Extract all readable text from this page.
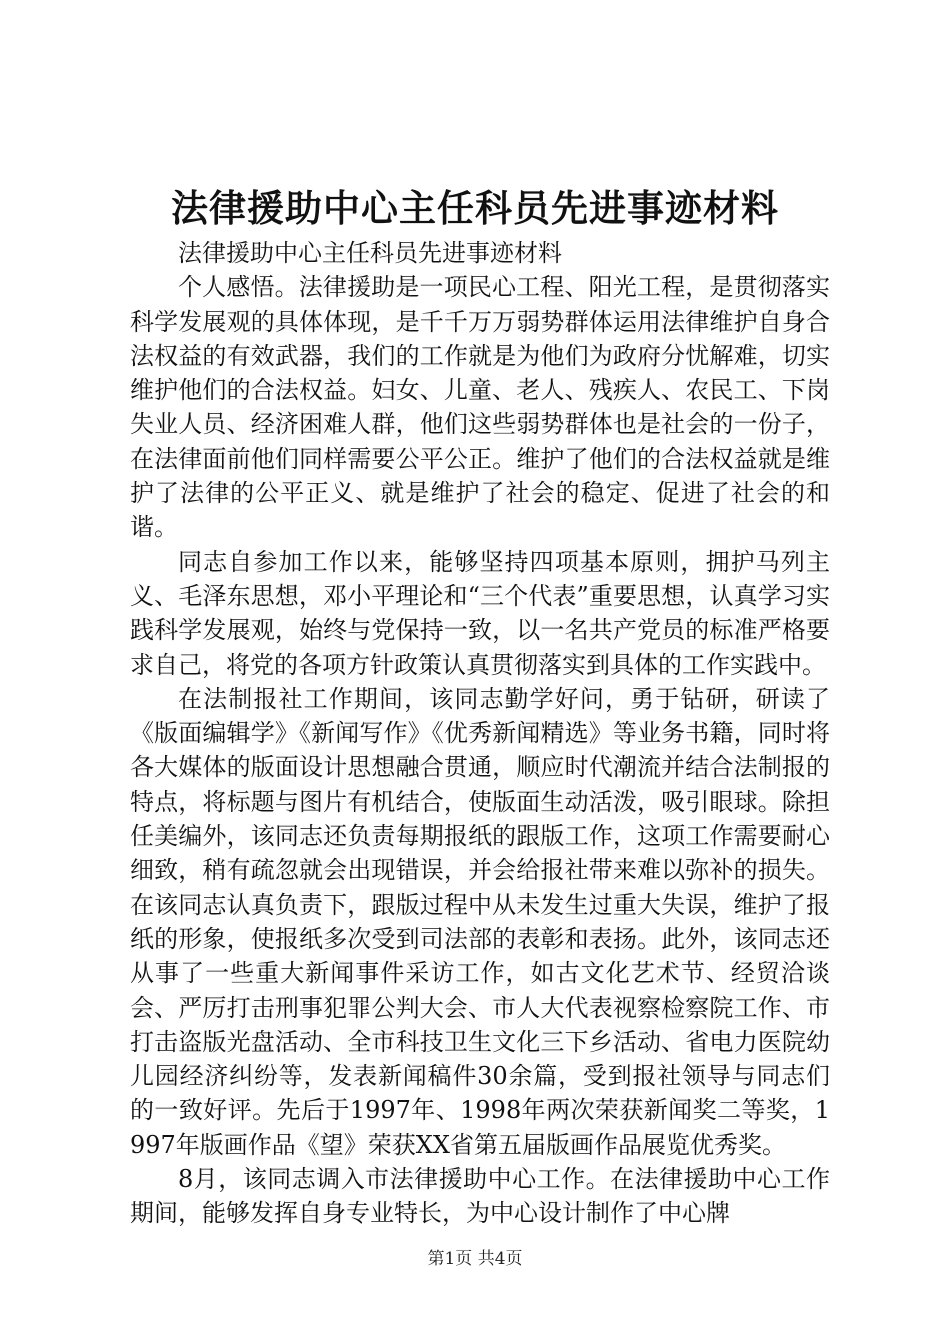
法律援助中心主任科员先进事迹材料

法律援助中心主任科员先进事迹材料

个人感悟。法律援助是一项民心工程、阳光工程，是贯彻落实科学发展观的具体体现，是千千万万弱势群体运用法律维护自身合法权益的有效武器，我们的工作就是为他们为政府分忧解难，切实维护他们的合法权益。妇女、儿童、老人、残疾人、农民工、下岗失业人员、经济困难人群，他们这些弱势群体也是社会的一份子，在法律面前他们同样需要公平公正。维护了他们的合法权益就是维护了法律的公平正义、就是维护了社会的稳定、促进了社会的和谐。

同志自参加工作以来，能够坚持四项基本原则，拥护马列主义、毛泽东思想，邓小平理论和“三个代表”重要思想，认真学习实践科学发展观，始终与党保持一致，以一名共产党员的标准严格要求自己，将党的各项方针政策认真贯彻落实到具体的工作实践中。

在法制报社工作期间，该同志勤学好问，勇于钻研，研读了《版面编辑学》《新闻写作》《优秀新闻精选》等业务书籍，同时将各大媒体的版面设计思想融合贯通，顺应时代潮流并结合法制报的特点，将标题与图片有机结合，使版面生动活泼，吸引眼球。除担任美编外，该同志还负责每期报纸的跟版工作，这项工作需要耐心细致，稍有疏忽就会出现错误，并会给报社带来难以弥补的损失。在该同志认真负责下，跟版过程中从未发生过重大失误，维护了报纸的形象，使报纸多次受到司法部的表彰和表扬。此外，该同志还从事了一些重大新闻事件采访工作，如古文化艺术节、经贸洽谈会、严厉打击刑事犯罪公判大会、市人大代表视察检察院工作、市打击盗版光盘活动、全市科技卫生文化三下乡活动、省电力医院幼儿园经济纠纷等，发表新闻稿件30余篇，受到报社领导与同志们的一致好评。先后于1997年、1998年两次荣获新闻奖二等奖，1997年版画作品《望》荣获XX省第五届版画作品展览优秀奖。

8月，该同志调入市法律援助中心工作。在法律援助中心工作期间，能够发挥自身专业特长，为中心设计制作了中心牌

第1页 共4页
